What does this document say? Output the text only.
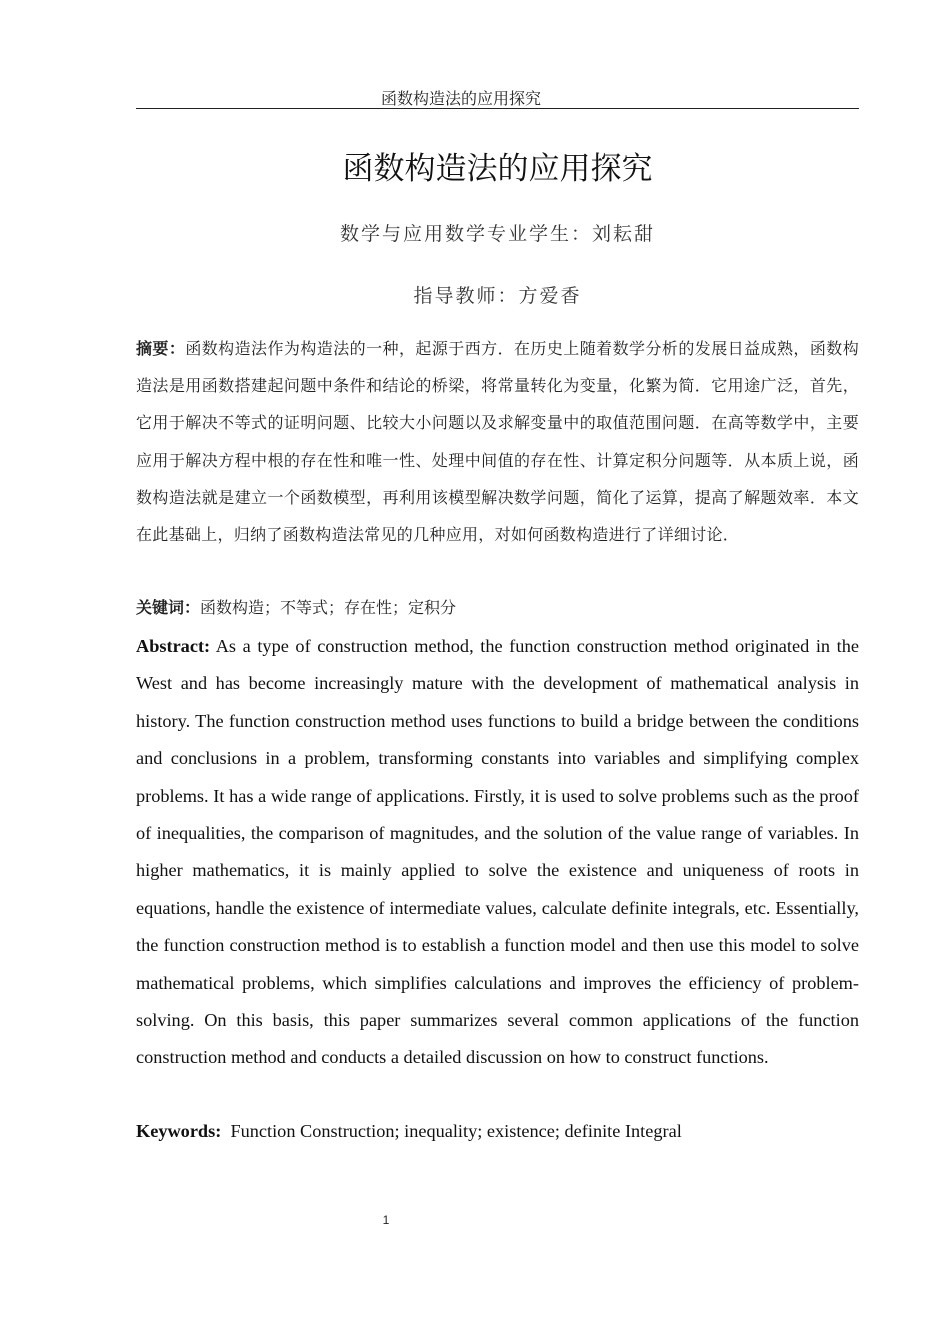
函数构造法的应用探究
函数构造法的应用探究
数学与应用数学专业学生：刘耘甜
指导教师：方爱香
摘要：函数构造法作为构造法的一种，起源于西方．在历史上随着数学分析的发展日益成熟，函数构造法是用函数搭建起问题中条件和结论的桥梁，将常量转化为变量，化繁为简．它用途广泛，首先，它用于解决不等式的证明问题、比较大小问题以及求解变量中的取值范围问题．在高等数学中，主要应用于解决方程中根的存在性和唯一性、处理中间值的存在性、计算定积分问题等．从本质上说，函数构造法就是建立一个函数模型，再利用该模型解决数学问题，简化了运算，提高了解题效率．本文在此基础上，归纳了函数构造法常见的几种应用，对如何函数构造进行了详细讨论．
关键词：函数构造；不等式；存在性；定积分
Abstract: As a type of construction method, the function construction method originated in the West and has become increasingly mature with the development of mathematical analysis in history. The function construction method uses functions to build a bridge between the conditions and conclusions in a problem, transforming constants into variables and simplifying complex problems. It has a wide range of applications. Firstly, it is used to solve problems such as the proof of inequalities, the comparison of magnitudes, and the solution of the value range of variables. In higher mathematics, it is mainly applied to solve the existence and uniqueness of roots in equations, handle the existence of intermediate values, calculate definite integrals, etc. Essentially, the function construction method is to establish a function model and then use this model to solve mathematical problems, which simplifies calculations and improves the efficiency of problem-solving. On this basis, this paper summarizes several common applications of the function construction method and conducts a detailed discussion on how to construct functions.
Keywords: Function Construction; inequality; existence; definite Integral
1
